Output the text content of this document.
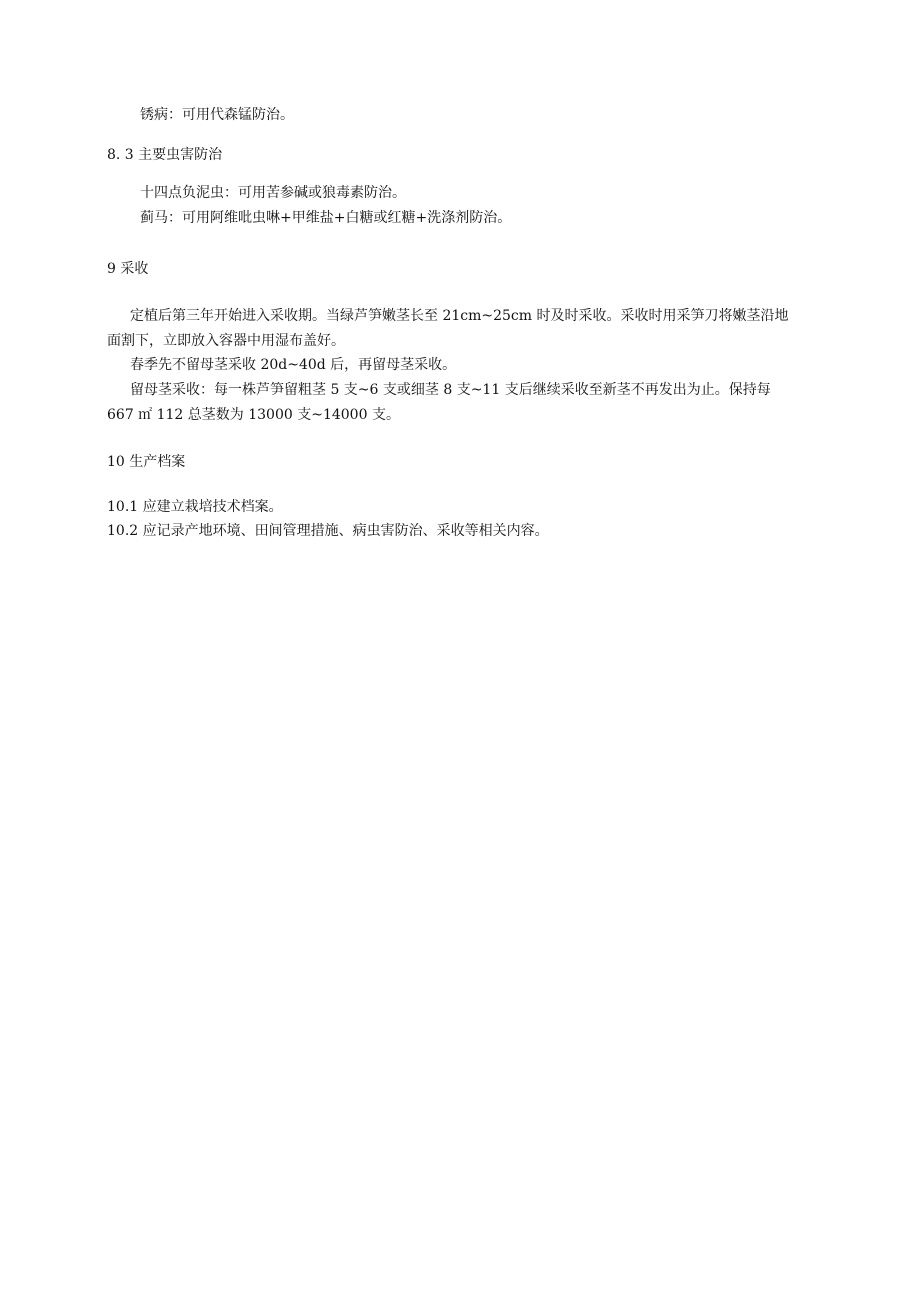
锈病：可用代森锰防治。
8. 3 主要虫害防治
十四点负泥虫：可用苦参碱或狼毒素防治。
蓟马：可用阿维吡虫啉+甲维盐+白糖或红糖+洗涤剂防治。
9 采收
定植后第三年开始进入采收期。当绿芦笋嫩茎长至 21cm~25cm 时及时采收。采收时用采笋刀将嫩茎沿地
面割下，立即放入容器中用湿布盖好。
春季先不留母茎采收 20d~40d 后，再留母茎采收。
留母茎采收：每一株芦笋留粗茎 5 支~6 支或细茎 8 支~11 支后继续采收至新茎不再发出为止。保持每
667 ㎡ 112 总茎数为 13000 支~14000 支。
10 生产档案
10.1 应建立栽培技术档案。
10.2 应记录产地环境、田间管理措施、病虫害防治、采收等相关内容。
